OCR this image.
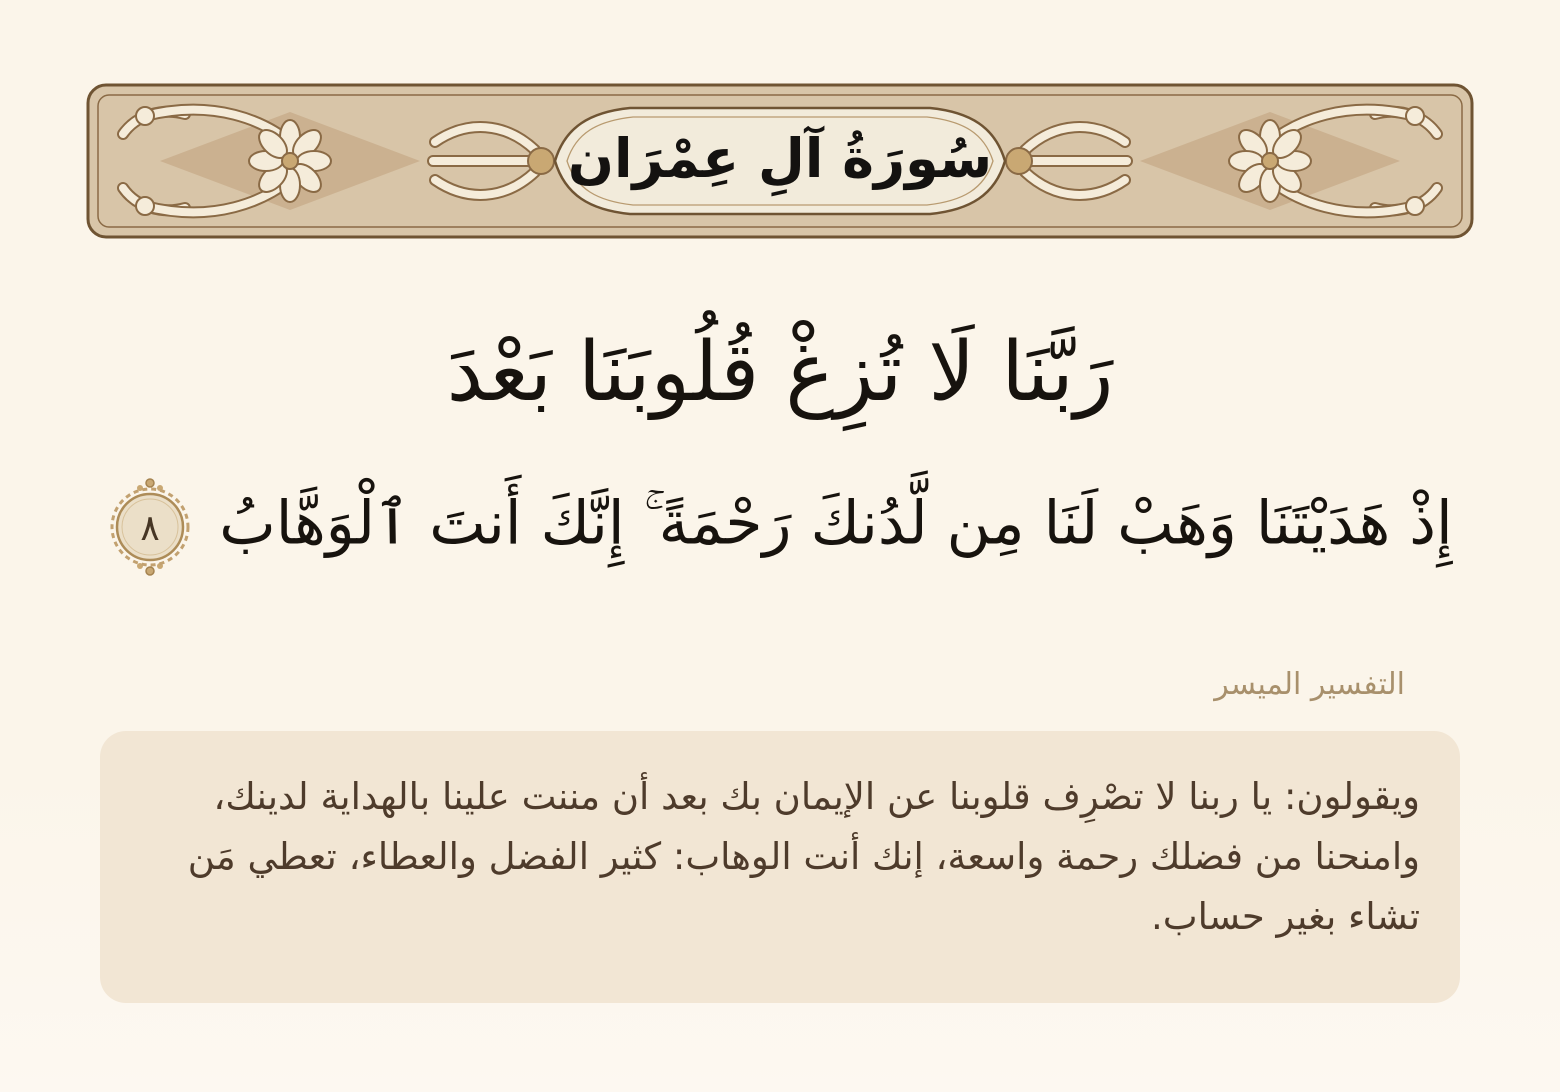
سُورَةُ آلِ عِمْرَان
رَبَّنَا لَا تُزِغْ قُلُوبَنَا بَعْدَ
إِذْ هَدَيْتَنَا وَهَبْ لَنَا مِن لَّدُنكَ رَحْمَةً ۚ إِنَّكَ أَنتَ ٱلْوَهَّابُ
٨
التفسير الميسر
ويقولون: يا ربنا لا تصْرِف قلوبنا عن الإيمان بك بعد أن مننت علينا بالهداية لدينك، وامنحنا من فضلك رحمة واسعة، إنك أنت الوهاب: كثير الفضل والعطاء، تعطي مَن تشاء بغير حساب.
